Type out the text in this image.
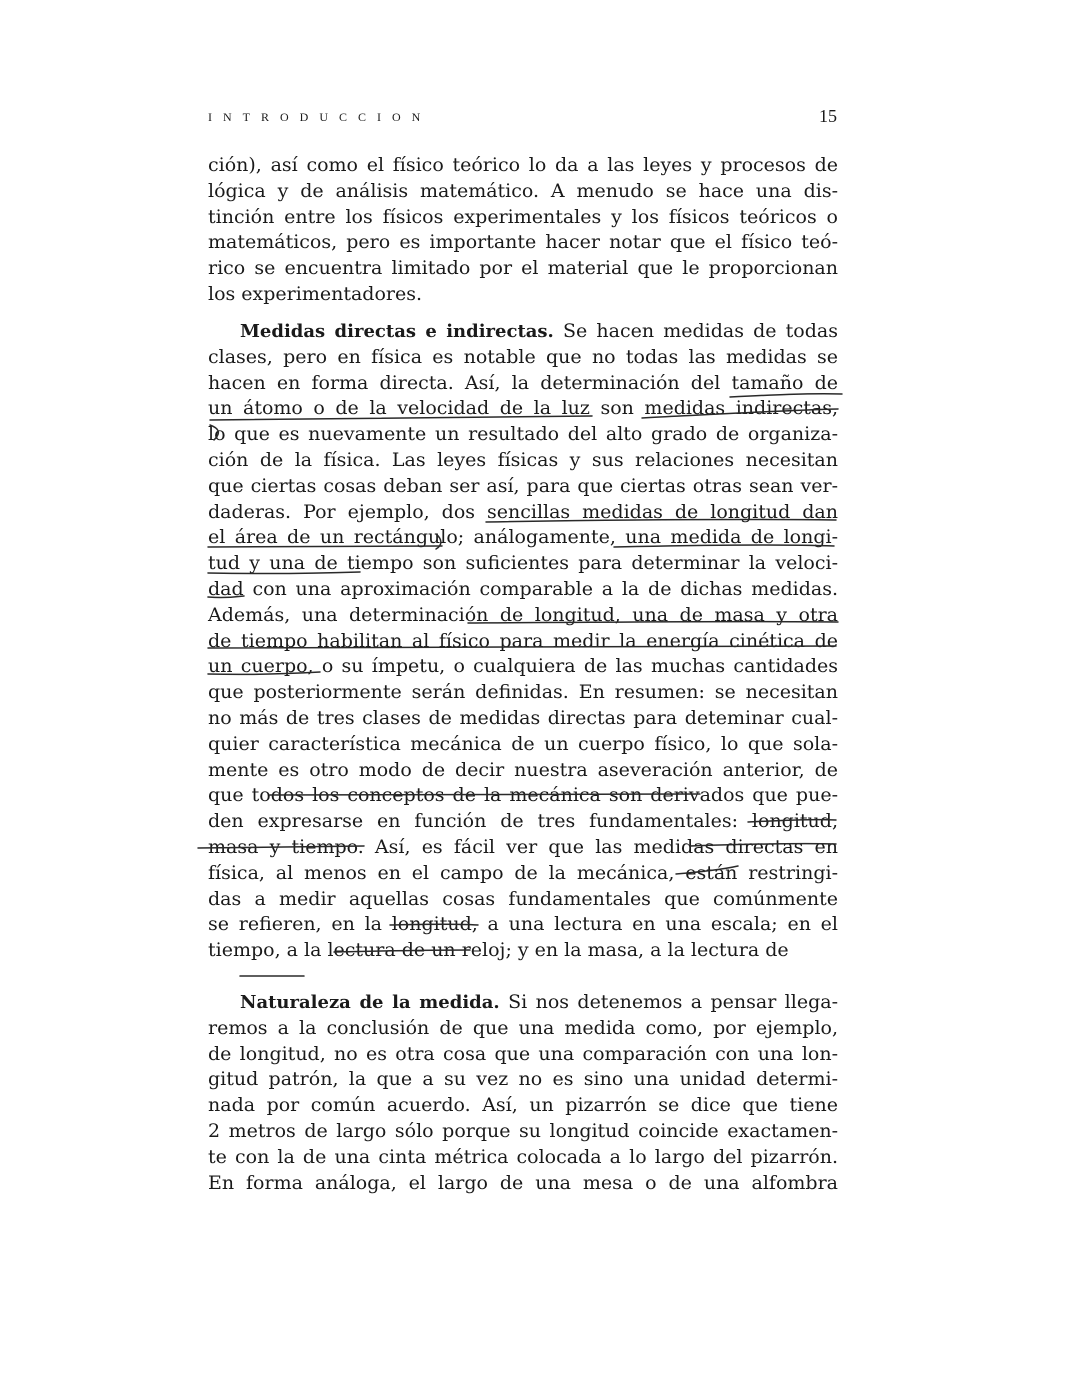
INTRODUCCION	15
ción), así como el físico teórico lo da a las leyes y procesos de
lógica y de análisis matemático. A menudo se hace una dis-
tinción entre los físicos experimentales y los físicos teóricos o
matemáticos, pero es importante hacer notar que el físico teó-
rico se encuentra limitado por el material que le proporcionan
los experimentadores.
Medidas directas e indirectas. Se hacen medidas de todas
clases, pero en física es notable que no todas las medidas se
hacen en forma directa. Así, la determinación del tamaño de
un átomo o de la velocidad de la luz son medidas indirectas,
lo que es nuevamente un resultado del alto grado de organiza-
ción de la física. Las leyes físicas y sus relaciones necesitan
que ciertas cosas deban ser así, para que ciertas otras sean ver-
daderas. Por ejemplo, dos sencillas medidas de longitud dan
el área de un rectángulo; análogamente, una medida de longi-
tud y una de tiempo son suficientes para determinar la veloci-
dad con una aproximación comparable a la de dichas medidas.
Además, una determinación de longitud, una de masa y otra
de tiempo habilitan al físico para medir la energía cinética de
un cuerpo, o su ímpetu, o cualquiera de las muchas cantidades
que posteriormente serán definidas. En resumen: se necesitan
no más de tres clases de medidas directas para deteminar cual-
quier característica mecánica de un cuerpo físico, lo que sola-
mente es otro modo de decir nuestra aseveración anterior, de
que todos los conceptos de la mecánica son derivados que pue-
den expresarse en función de tres fundamentales: longitud,
masa y tiempo. Así, es fácil ver que las medidas directas en
física, al menos en el campo de la mecánica, están restringi-
das a medir aquellas cosas fundamentales que comúnmente
se refieren, en la longitud, a una lectura en una escala; en el
tiempo, a la lectura de un reloj; y en la masa, a la lectura de
Naturaleza de la medida. Si nos detenemos a pensar llega-
remos a la conclusión de que una medida como, por ejemplo,
de longitud, no es otra cosa que una comparación con una lon-
gitud patrón, la que a su vez no es sino una unidad determi-
nada por común acuerdo. Así, un pizarrón se dice que tiene
2 metros de largo sólo porque su longitud coincide exactamen-
te con la de una cinta métrica colocada a lo largo del pizarrón.
En forma análoga, el largo de una mesa o de una alfombra
